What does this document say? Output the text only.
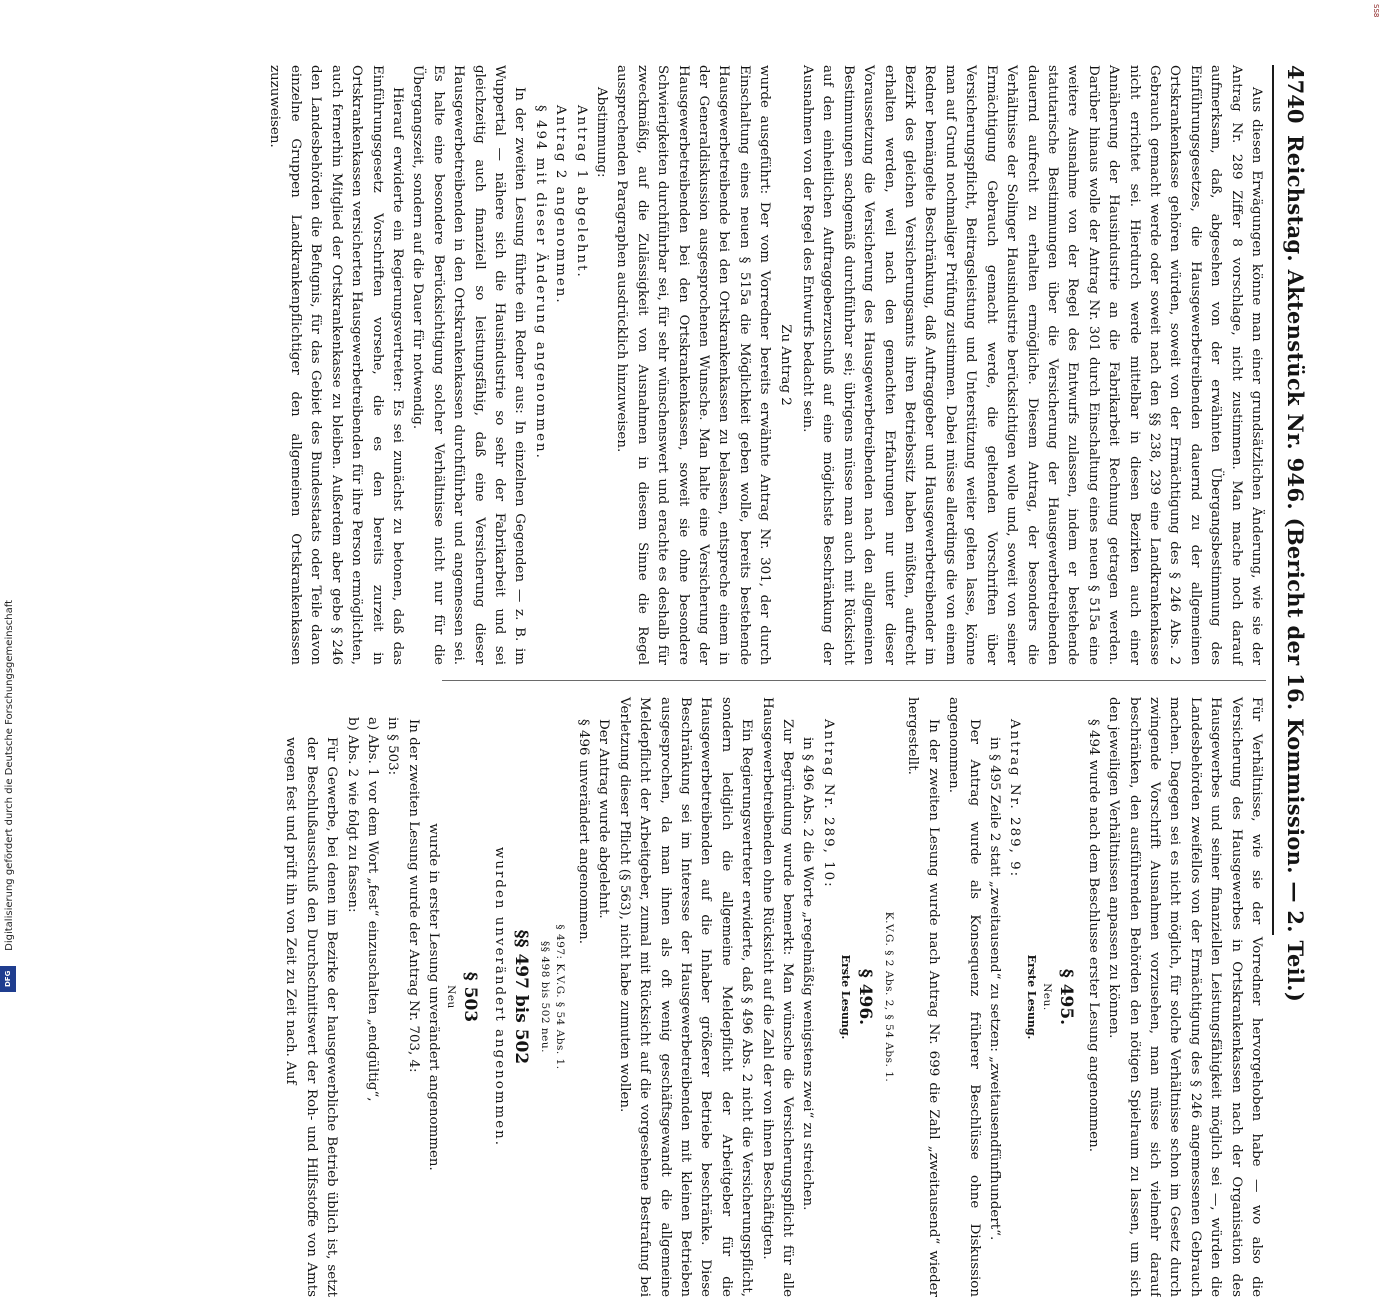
4740
Reichstag. Aktenstück Nr. 946. (Bericht der 16. Kommission. — 2. Teil.)

Aus diesen Erwägungen könne man einer grundsätzlichen Änderung, wie sie der Antrag Nr. 289 Ziffer 8 vorschlage, nicht zustimmen. Man mache noch darauf aufmerksam, daß, abgesehen von der erwähnten Übergangsbestimmung des Einführungsgesetzes, die Hausgewerbetreibenden dauernd zu der allgemeinen Ortskrankenkasse gehören würden, soweit von der Ermächtigung des § 246 Abs. 2 Gebrauch gemacht werde oder soweit nach den §§ 238, 239 eine Landkrankenkasse nicht errichtet sei. Hierdurch werde mittelbar in diesen Bezirken auch einer Annäherung der Hausindustrie an die Fabrikarbeit Rechnung getragen werden. Darüber hinaus wolle der Antrag Nr. 301 durch Einschaltung eines neuen § 515a eine weitere Ausnahme von der Regel des Entwurfs zulassen, indem er bestehende statutarische Bestimmungen über die Versicherung der Hausgewerbetreibenden dauernd aufrecht zu erhalten ermögliche. Diesem Antrag, der besonders die Verhältnisse der Solinger Hausindustrie berücksichtigen wolle und, soweit von seiner Ermächtigung Gebrauch gemacht werde, die geltenden Vorschriften über Versicherungspflicht, Beitragsleistung und Unterstützung weiter gelten lasse, könne man auf Grund nochmaliger Prüfung zustimmen. Dabei müsse allerdings die von einem Redner bemängelte Beschränkung, daß Auftraggeber und Hausgewerbetreibender im Bezirk des gleichen Versicherungsamts ihren Betriebssitz haben müßten, aufrecht erhalten werden, weil nach den gemachten Erfahrungen nur unter dieser Voraussetzung die Versicherung des Hausgewerbetreibenden nach den allgemeinen Bestimmungen sachgemäß durchführbar sei; übrigens müsse man auch mit Rücksicht auf den einheitlichen Auftraggeberzuschuß auf eine möglichste Beschränkung der Ausnahmen von der Regel des Entwurfs bedacht sein.

Zu Antrag 2

wurde ausgeführt: Der vom Vorredner bereits erwähnte Antrag Nr. 301, der durch Einschaltung eines neuen § 515a die Möglichkeit geben wolle, bereits bestehende Hausgewerbetreibende bei den Ortskrankenkassen zu belassen, entspreche einem in der Generaldiskussion ausgesprochenen Wunsche. Man halte eine Versicherung der Hausgewerbetreibenden bei den Ortskrankenkassen, soweit sie ohne besondere Schwierigkeiten durchführbar sei, für sehr wünschenswert und erachte es deshalb für zweckmäßig, auf die Zulässigkeit von Ausnahmen in diesem Sinne die Regel aussprechenden Paragraphen ausdrücklich hinzuweisen.

Abstimmung:

Antrag 1 abgelehnt.

Antrag 2 angenommen.

§ 494 mit dieser Änderung angenommen.

In der zweiten Lesung führte ein Redner aus: In einzelnen Gegenden — z. B. im Wuppertal — nähere sich die Hausindustrie so sehr der Fabrikarbeit und sei gleichzeitig auch finanziell so leistungsfähig, daß eine Versicherung dieser Hausgewerbetreibenden in den Ortskrankenkassen durchführbar und angemessen sei. Es halte eine besondere Berücksichtigung solcher Verhältnisse nicht nur für die Übergangszeit, sondern auf die Dauer für notwendig.

Hierauf erwiderte ein Regierungsvertreter: Es sei zunächst zu betonen, daß das Einführungsgesetz Vorschriften vorsehe, die es den bereits zurzeit in Ortskrankenkassen versicherten Hausgewerbetreibenden für ihre Person ermöglichten, auch fernerhin Mitglied der Ortskrankenkasse zu bleiben. Außerdem aber gebe § 246 den Landesbehörden die Befugnis, für das Gebiet des Bundesstaats oder Teile davon einzelne Gruppen Landkrankenpflichtiger den allgemeinen Ortskrankenkassen zuzuweisen.

Für Verhältnisse, wie sie der Vorredner hervorgehoben habe — wo also die Versicherung des Hausgewerbes in Ortskrankenkassen nach der Organisation des Hausgewerbes und seiner finanziellen Leistungsfähigkeit möglich sei —, würden die Landesbehörden zweifellos von der Ermächtigung des § 246 angemessenen Gebrauch machen. Dagegen sei es nicht möglich, für solche Verhältnisse schon im Gesetz durch zwingende Vorschrift Ausnahmen vorzusehen, man müsse sich vielmehr darauf beschränken, den ausführenden Behörden den nötigen Spielraum zu lassen, um sich den jeweiligen Verhältnissen anpassen zu können.

§ 494 wurde nach dem Beschlusse erster Lesung angenommen.

§ 495.
Neu.
Erste Lesung.

Antrag Nr. 289, 9:

in § 495 Zeile 2 statt „zweitausend“ zu setzen: „zweitausendfünfhundert“.

Der Antrag wurde als Konsequenz früherer Beschlüsse ohne Diskussion angenommen.

In der zweiten Lesung wurde nach Antrag Nr. 699 die Zahl „zweitausend“ wieder hergestellt.

K.V.G. § 2 Abs. 2, § 54 Abs. 1.
§ 496.
Erste Lesung.

Antrag Nr. 289, 10:

in § 496 Abs. 2 die Worte „regelmäßig wenigstens zwei“ zu streichen.

Zur Begründung wurde bemerkt: Man wünsche die Versicherungspflicht für alle Hausgewerbetreibenden ohne Rücksicht auf die Zahl der von ihnen Beschäftigten.

Ein Regierungsvertreter erwiderte, daß § 496 Abs. 2 nicht die Versicherungspflicht, sondern lediglich die allgemeine Meldepflicht der Arbeitgeber für die Hausgewerbetreibenden auf die Inhaber größerer Betriebe beschränke. Diese Beschränkung sei im Interesse der Hausgewerbetreibenden mit kleinen Betrieben ausgesprochen, da man ihnen als oft wenig geschäftsgewandt die allgemeine Meldepflicht der Arbeitgeber, zumal mit Rücksicht auf die vorgesehene Bestrafung bei Verletzung dieser Pflicht (§ 563), nicht habe zumuten wollen.

Der Antrag wurde abgelehnt.

§ 496 unverändert angenommen.

§ 497: K.V.G. § 54 Abs. 1.
§§ 498 bis 502 neu.
§§ 497 bis 502

wurden unverändert angenommen.

§ 503
Neu

wurde in erster Lesung unverändert angenommen.

In der zweiten Lesung wurde der Antrag Nr. 703, 4:

in § 503:

a) Abs. 1 vor dem Wort „fest“ einzuschalten „endgültig“,

b) Abs. 2 wie folgt zu fassen:

Für Gewerbe, bei denen im Bezirke der hausgewerbliche Betrieb üblich ist, setzt der Beschlußausschuß den Durchschnittswert der Roh- und Hilfsstoffe von Amts wegen fest und prüft ihn von Zeit zu Zeit nach. Auf

Digitalisierung gefördert durch die Deutsche Forschungsgemeinschaft
DFG
SS8
